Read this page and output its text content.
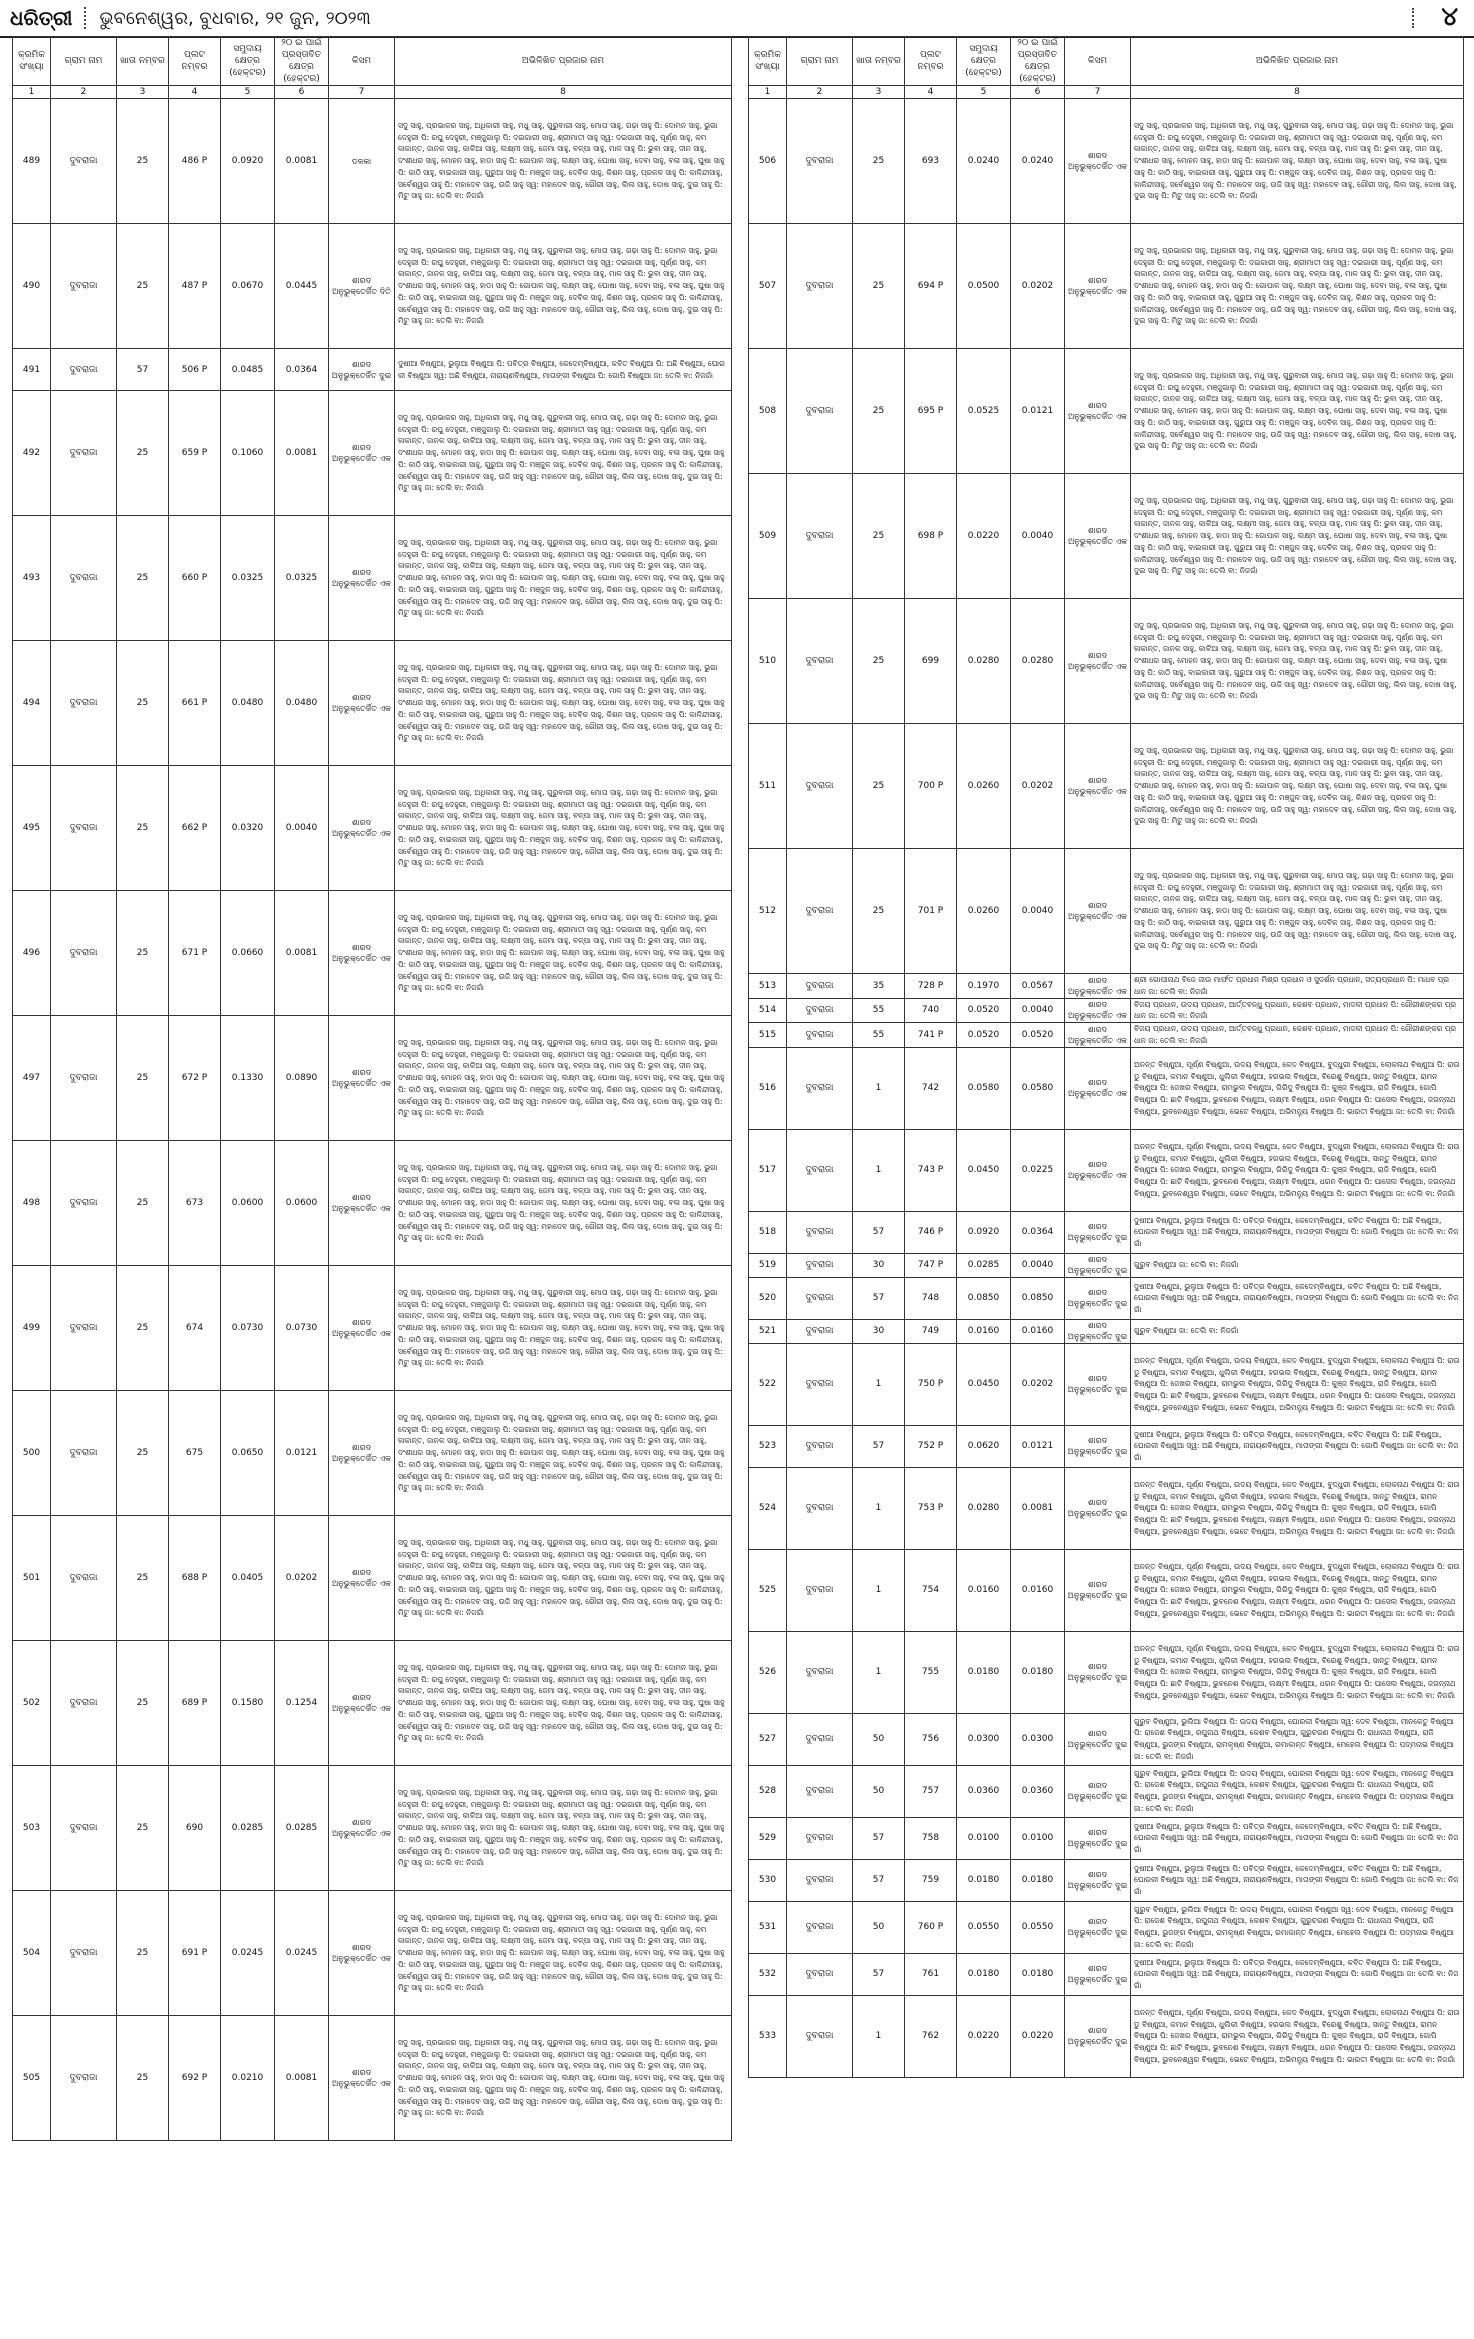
ଧରିତ୍ରୀ ଭୁବନେଶ୍ୱର, ବୁଧବାର, ୨୧ ଜୁନ, ୨୦୨୩	୪
କ୍ରମିକ ସଂଖ୍ୟା	ଗ୍ରାମ ନାମ	ଖାତା ନମ୍ବର	ପ୍ଲଟ ନମ୍ବର	ସମୁଦାୟ କ୍ଷେତ୍ର (ହେକ୍ଟର)	୨୦ ଇ ପାଇଁ ପ୍ରସ୍ତାବିତ କ୍ଷେତ୍ର (ହେକ୍ଟର)	କିସମ	ଅଭିଳିଖିତ ପ୍ରଜାର ନାମ
1	2	3	4	5	6	7	8
489	ଦୁବରାଜା	25	486 P	0.0920	0.0081	ଡଳକା	ସଦୁ ସାହୁ, ପ୍ରଭାକର ସାହୁ, ଅଧିକାରୀ ସାହୁ, ମଧୁ ସାହୁ, ଗୁରୁବାରୀ ସାହୁ, ମୋତା ସାହୁ, ଗଢ଼ା ସାହୁ ପି: ଦୋମନ ସାହୁ, ଭୁଗା ଦେହୁରୀ ପି: ରଘୁ ଦେହୁରୀ, ମଞ୍ଜୁଗାଲୁ ପି: ଦଇଗାରୀ ସାହୁ, ଶ୍ରୀମାତୀ ସାହୁ ସ୍ୱ: ଦଇଗାରୀ ସାହୁ, ପୂର୍ଣ୍ଣ ସାହୁ, କମଳାକାନ୍ତ, ଜାନକ ସାହୁ, କାଳିଆ ସାହୁ, ଲକ୍ଷ୍ମୀ ସାହୁ, ଜେମା ସାହୁ, ବଳ୍ପା ସାହୁ, ମାଳ ସାହୁ ପି: ଭୁବା ସାହୁ, ଦୀନ ସାହୁ, ଦଂଶୀଧର ସାହୁ, ମୋହନ ସାହୁ, ହାଡା ସାହୁ ପି: ଗୋପାଳ ସାହୁ, ଲକ୍ଷ୍ମ ସାହୁ, ଘୋଷା ସାହୁ, ଦେବା ସାହୁ, ବଳା ସାହୁ, ଘୁଷା ସାହୁ ପି: କାଠି ସାହୁ, ବାଇକାରୀ ସାହୁ, ଗୁରୁଆ ସାହୁ ପି: ମଞ୍ଜୁଳ ସାହୁ, ଦେବିକ ସାହୁ, କିଶନ ସାହୁ, ପ୍ରକଳ ସାହୁ ପି: କାଳିନ୍ଦୀସାହୁ, ସର୍ବେଶ୍ୱର ସାହୁ ପି: ମହାଦେବ ସାହୁ, ଉଜି ସାହୁ ସ୍ୱ: ମହାଦେବ ସାହୁ, ଗୌରୀ ସାହୁ, ଲିଲ ସାହୁ, ଦୋଷ ସାହୁ, ଦୁଇ ସାହୁ ପି: ମିଟୁ ସାହୁ ଜା: ତେଲି ବା: ନିଜଗାଁ
490	ଦୁବରାଜା	25	487 P	0.0670	0.0445	ଶାରଦ ଅନୁଭୁକ୍ତେର୍ଜିତ ଦିତି	ସଦୁ ସାହୁ, ପ୍ରଭାକର ସାହୁ, ଅଧିକାରୀ ସାହୁ, ମଧୁ ସାହୁ, ଗୁରୁବାରୀ ସାହୁ, ମୋତା ସାହୁ, ଗଢ଼ା ସାହୁ ପି: ଦୋମନ ସାହୁ, ଭୁଗା ଦେହୁରୀ ପି: ରଘୁ ଦେହୁରୀ, ମଞ୍ଜୁଗାଲୁ ପି: ଦଇଗାରୀ ସାହୁ, ଶ୍ରୀମାତୀ ସାହୁ ସ୍ୱ: ଦଇଗାରୀ ସାହୁ, ପୂର୍ଣ୍ଣ ସାହୁ, କମଳାକାନ୍ତ, ଜାନକ ସାହୁ, କାଳିଆ ସାହୁ, ଲକ୍ଷ୍ମୀ ସାହୁ, ଜେମା ସାହୁ, ବଳ୍ପା ସାହୁ, ମାଳ ସାହୁ ପି: ଭୁବା ସାହୁ, ଦୀନ ସାହୁ, ଦଂଶୀଧର ସାହୁ, ମୋହନ ସାହୁ, ହାଡା ସାହୁ ପି: ଗୋପାଳ ସାହୁ, ଲକ୍ଷ୍ମ ସାହୁ, ଘୋଷା ସାହୁ, ଦେବା ସାହୁ, ବଳା ସାହୁ, ଘୁଷା ସାହୁ ପି: କାଠି ସାହୁ, ବାଇକାରୀ ସାହୁ, ଗୁରୁଆ ସାହୁ ପି: ମଞ୍ଜୁଳ ସାହୁ, ଦେବିକ ସାହୁ, କିଶନ ସାହୁ, ପ୍ରକଳ ସାହୁ ପି: କାଳିନ୍ଦୀସାହୁ, ସର୍ବେଶ୍ୱର ସାହୁ ପି: ମହାଦେବ ସାହୁ, ଉଜି ସାହୁ ସ୍ୱ: ମହାଦେବ ସାହୁ, ଗୌରୀ ସାହୁ, ଲିଲ ସାହୁ, ଦୋଷ ସାହୁ, ଦୁଇ ସାହୁ ପି: ମିଟୁ ସାହୁ ଜା: ତେଲି ବା: ନିଜଗାଁ
491	ଦୁବରାଜା	57	506 P	0.0485	0.0364	ଶାରଦ ଅନୁଭୁକ୍ତେର୍ଜିତ ଦୁଇ	ଦୁଷୀଆ ବିଷ୍ଣୁଆ, ଭୁଲୁଆ ବିଷ୍ଣୁଆ ପି: ପବିତ୍ର ବିଷ୍ଣୁଆ, କେଦେମ୍ବିଷ୍ଣୁଆ, କବିତ ବିଷ୍ଣୁଆ ପି: ଅଛି ବିଷ୍ଣୁଆ, ଘୋରକୀ ବିଷ୍ଣୁଆ ସ୍ୱ: ଅଛି ବିଷ୍ଣୁଆ, ନାରାୟଣବିଷ୍ଣୁଆ, ମାତାଙ୍ଗୀ ବିଷ୍ଣୁଆ ପି: ଗୋପି ବିଷ୍ଣୁଆ ଜା: ତେଲି ବା: ନିଜଗାଁ
492	ଦୁବରାଜା	25	659 P	0.1060	0.0081	ଶାରଦ ଅନୁଭୁକ୍ତେର୍ଜିତ ଏକ	ସଦୁ ସାହୁ, ପ୍ରଭାକର ସାହୁ, ଅଧିକାରୀ ସାହୁ, ମଧୁ ସାହୁ, ଗୁରୁବାରୀ ସାହୁ, ମୋତା ସାହୁ, ଗଢ଼ା ସାହୁ ପି: ଦୋମନ ସାହୁ, ଭୁଗା ଦେହୁରୀ ପି: ରଘୁ ଦେହୁରୀ, ମଞ୍ଜୁଗାଲୁ ପି: ଦଇଗାରୀ ସାହୁ, ଶ୍ରୀମାତୀ ସାହୁ ସ୍ୱ: ଦଇଗାରୀ ସାହୁ, ପୂର୍ଣ୍ଣ ସାହୁ, କମଳାକାନ୍ତ, ଜାନକ ସାହୁ, କାଳିଆ ସାହୁ, ଲକ୍ଷ୍ମୀ ସାହୁ, ଜେମା ସାହୁ, ବଳ୍ପା ସାହୁ, ମାଳ ସାହୁ ପି: ଭୁବା ସାହୁ, ଦୀନ ସାହୁ, ଦଂଶୀଧର ସାହୁ, ମୋହନ ସାହୁ, ହାଡା ସାହୁ ପି: ଗୋପାଳ ସାହୁ, ଲକ୍ଷ୍ମ ସାହୁ, ଘୋଷା ସାହୁ, ଦେବା ସାହୁ, ବଳା ସାହୁ, ଘୁଷା ସାହୁ ପି: କାଠି ସାହୁ, ବାଇକାରୀ ସାହୁ, ଗୁରୁଆ ସାହୁ ପି: ମଞ୍ଜୁଳ ସାହୁ, ଦେବିକ ସାହୁ, କିଶନ ସାହୁ, ପ୍ରକଳ ସାହୁ ପି: କାଳିନ୍ଦୀସାହୁ, ସର୍ବେଶ୍ୱର ସାହୁ ପି: ମହାଦେବ ସାହୁ, ଉଜି ସାହୁ ସ୍ୱ: ମହାଦେବ ସାହୁ, ଗୌରୀ ସାହୁ, ଲିଲ ସାହୁ, ଦୋଷ ସାହୁ, ଦୁଇ ସାହୁ ପି: ମିଟୁ ସାହୁ ଜା: ତେଲି ବା: ନିଜଗାଁ
493	ଦୁବରାଜା	25	660 P	0.0325	0.0325	ଶାରଦ ଅନୁଭୁକ୍ତେର୍ଜିତ ଏକ	ସଦୁ ସାହୁ, ପ୍ରଭାକର ସାହୁ, ଅଧିକାରୀ ସାହୁ, ମଧୁ ସାହୁ, ଗୁରୁବାରୀ ସାହୁ, ମୋତା ସାହୁ, ଗଢ଼ା ସାହୁ ପି: ଦୋମନ ସାହୁ, ଭୁଗା ଦେହୁରୀ ପି: ରଘୁ ଦେହୁରୀ, ମଞ୍ଜୁଗାଲୁ ପି: ଦଇଗାରୀ ସାହୁ, ଶ୍ରୀମାତୀ ସାହୁ ସ୍ୱ: ଦଇଗାରୀ ସାହୁ, ପୂର୍ଣ୍ଣ ସାହୁ, କମଳାକାନ୍ତ, ଜାନକ ସାହୁ, କାଳିଆ ସାହୁ, ଲକ୍ଷ୍ମୀ ସାହୁ, ଜେମା ସାହୁ, ବଳ୍ପା ସାହୁ, ମାଳ ସାହୁ ପି: ଭୁବା ସାହୁ, ଦୀନ ସାହୁ, ଦଂଶୀଧର ସାହୁ, ମୋହନ ସାହୁ, ହାଡା ସାହୁ ପି: ଗୋପାଳ ସାହୁ, ଲକ୍ଷ୍ମ ସାହୁ, ଘୋଷା ସାହୁ, ଦେବା ସାହୁ, ବଳା ସାହୁ, ଘୁଷା ସାହୁ ପି: କାଠି ସାହୁ, ବାଇକାରୀ ସାହୁ, ଗୁରୁଆ ସାହୁ ପି: ମଞ୍ଜୁଳ ସାହୁ, ଦେବିକ ସାହୁ, କିଶନ ସାହୁ, ପ୍ରକଳ ସାହୁ ପି: କାଳିନ୍ଦୀସାହୁ, ସର୍ବେଶ୍ୱର ସାହୁ ପି: ମହାଦେବ ସାହୁ, ଉଜି ସାହୁ ସ୍ୱ: ମହାଦେବ ସାହୁ, ଗୌରୀ ସାହୁ, ଲିଲ ସାହୁ, ଦୋଷ ସାହୁ, ଦୁଇ ସାହୁ ପି: ମିଟୁ ସାହୁ ଜା: ତେଲି ବା: ନିଜଗାଁ
494	ଦୁବରାଜା	25	661 P	0.0480	0.0480	ଶାରଦ ଅନୁଭୁକ୍ତେର୍ଜିତ ଏକ	ସଦୁ ସାହୁ, ପ୍ରଭାକର ସାହୁ, ଅଧିକାରୀ ସାହୁ, ମଧୁ ସାହୁ, ଗୁରୁବାରୀ ସାହୁ, ମୋତା ସାହୁ, ଗଢ଼ା ସାହୁ ପି: ଦୋମନ ସାହୁ, ଭୁଗା ଦେହୁରୀ ପି: ରଘୁ ଦେହୁରୀ, ମଞ୍ଜୁଗାଲୁ ପି: ଦଇଗାରୀ ସାହୁ, ଶ୍ରୀମାତୀ ସାହୁ ସ୍ୱ: ଦଇଗାରୀ ସାହୁ, ପୂର୍ଣ୍ଣ ସାହୁ, କମଳାକାନ୍ତ, ଜାନକ ସାହୁ, କାଳିଆ ସାହୁ, ଲକ୍ଷ୍ମୀ ସାହୁ, ଜେମା ସାହୁ, ବଳ୍ପା ସାହୁ, ମାଳ ସାହୁ ପି: ଭୁବା ସାହୁ, ଦୀନ ସାହୁ, ଦଂଶୀଧର ସାହୁ, ମୋହନ ସାହୁ, ହାଡା ସାହୁ ପି: ଗୋପାଳ ସାହୁ, ଲକ୍ଷ୍ମ ସାହୁ, ଘୋଷା ସାହୁ, ଦେବା ସାହୁ, ବଳା ସାହୁ, ଘୁଷା ସାହୁ ପି: କାଠି ସାହୁ, ବାଇକାରୀ ସାହୁ, ଗୁରୁଆ ସାହୁ ପି: ମଞ୍ଜୁଳ ସାହୁ, ଦେବିକ ସାହୁ, କିଶନ ସାହୁ, ପ୍ରକଳ ସାହୁ ପି: କାଳିନ୍ଦୀସାହୁ, ସର୍ବେଶ୍ୱର ସାହୁ ପି: ମହାଦେବ ସାହୁ, ଉଜି ସାହୁ ସ୍ୱ: ମହାଦେବ ସାହୁ, ଗୌରୀ ସାହୁ, ଲିଲ ସାହୁ, ଦୋଷ ସାହୁ, ଦୁଇ ସାହୁ ପି: ମିଟୁ ସାହୁ ଜା: ତେଲି ବା: ନିଜଗାଁ
495	ଦୁବରାଜା	25	662 P	0.0320	0.0040	ଶାରଦ ଅନୁଭୁକ୍ତେର୍ଜିତ ଏକ	ସଦୁ ସାହୁ, ପ୍ରଭାକର ସାହୁ, ଅଧିକାରୀ ସାହୁ, ମଧୁ ସାହୁ, ଗୁରୁବାରୀ ସାହୁ, ମୋତା ସାହୁ, ଗଢ଼ା ସାହୁ ପି: ଦୋମନ ସାହୁ, ଭୁଗା ଦେହୁରୀ ପି: ରଘୁ ଦେହୁରୀ, ମଞ୍ଜୁଗାଲୁ ପି: ଦଇଗାରୀ ସାହୁ, ଶ୍ରୀମାତୀ ସାହୁ ସ୍ୱ: ଦଇଗାରୀ ସାହୁ, ପୂର୍ଣ୍ଣ ସାହୁ, କମଳାକାନ୍ତ, ଜାନକ ସାହୁ, କାଳିଆ ସାହୁ, ଲକ୍ଷ୍ମୀ ସାହୁ, ଜେମା ସାହୁ, ବଳ୍ପା ସାହୁ, ମାଳ ସାହୁ ପି: ଭୁବା ସାହୁ, ଦୀନ ସାହୁ, ଦଂଶୀଧର ସାହୁ, ମୋହନ ସାହୁ, ହାଡା ସାହୁ ପି: ଗୋପାଳ ସାହୁ, ଲକ୍ଷ୍ମ ସାହୁ, ଘୋଷା ସାହୁ, ଦେବା ସାହୁ, ବଳା ସାହୁ, ଘୁଷା ସାହୁ ପି: କାଠି ସାହୁ, ବାଇକାରୀ ସାହୁ, ଗୁରୁଆ ସାହୁ ପି: ମଞ୍ଜୁଳ ସାହୁ, ଦେବିକ ସାହୁ, କିଶନ ସାହୁ, ପ୍ରକଳ ସାହୁ ପି: କାଳିନ୍ଦୀସାହୁ, ସର୍ବେଶ୍ୱର ସାହୁ ପି: ମହାଦେବ ସାହୁ, ଉଜି ସାହୁ ସ୍ୱ: ମହାଦେବ ସାହୁ, ଗୌରୀ ସାହୁ, ଲିଲ ସାହୁ, ଦୋଷ ସାହୁ, ଦୁଇ ସାହୁ ପି: ମିଟୁ ସାହୁ ଜା: ତେଲି ବା: ନିଜଗାଁ
496	ଦୁବରାଜା	25	671 P	0.0660	0.0081	ଶାରଦ ଅନୁଭୁକ୍ତେର୍ଜିତ ଏକ	ସଦୁ ସାହୁ, ପ୍ରଭାକର ସାହୁ, ଅଧିକାରୀ ସାହୁ, ମଧୁ ସାହୁ, ଗୁରୁବାରୀ ସାହୁ, ମୋତା ସାହୁ, ଗଢ଼ା ସାହୁ ପି: ଦୋମନ ସାହୁ, ଭୁଗା ଦେହୁରୀ ପି: ରଘୁ ଦେହୁରୀ, ମଞ୍ଜୁଗାଲୁ ପି: ଦଇଗାରୀ ସାହୁ, ଶ୍ରୀମାତୀ ସାହୁ ସ୍ୱ: ଦଇଗାରୀ ସାହୁ, ପୂର୍ଣ୍ଣ ସାହୁ, କମଳାକାନ୍ତ, ଜାନକ ସାହୁ, କାଳିଆ ସାହୁ, ଲକ୍ଷ୍ମୀ ସାହୁ, ଜେମା ସାହୁ, ବଳ୍ପା ସାହୁ, ମାଳ ସାହୁ ପି: ଭୁବା ସାହୁ, ଦୀନ ସାହୁ, ଦଂଶୀଧର ସାହୁ, ମୋହନ ସାହୁ, ହାଡା ସାହୁ ପି: ଗୋପାଳ ସାହୁ, ଲକ୍ଷ୍ମ ସାହୁ, ଘୋଷା ସାହୁ, ଦେବା ସାହୁ, ବଳା ସାହୁ, ଘୁଷା ସାହୁ ପି: କାଠି ସାହୁ, ବାଇକାରୀ ସାହୁ, ଗୁରୁଆ ସାହୁ ପି: ମଞ୍ଜୁଳ ସାହୁ, ଦେବିକ ସାହୁ, କିଶନ ସାହୁ, ପ୍ରକଳ ସାହୁ ପି: କାଳିନ୍ଦୀସାହୁ, ସର୍ବେଶ୍ୱର ସାହୁ ପି: ମହାଦେବ ସାହୁ, ଉଜି ସାହୁ ସ୍ୱ: ମହାଦେବ ସାହୁ, ଗୌରୀ ସାହୁ, ଲିଲ ସାହୁ, ଦୋଷ ସାହୁ, ଦୁଇ ସାହୁ ପି: ମିଟୁ ସାହୁ ଜା: ତେଲି ବା: ନିଜଗାଁ
497	ଦୁବରାଜା	25	672 P	0.1330	0.0890	ଶାରଦ ଅନୁଭୁକ୍ତେର୍ଜିତ ଏକ	ସଦୁ ସାହୁ, ପ୍ରଭାକର ସାହୁ, ଅଧିକାରୀ ସାହୁ, ମଧୁ ସାହୁ, ଗୁରୁବାରୀ ସାହୁ, ମୋତା ସାହୁ, ଗଢ଼ା ସାହୁ ପି: ଦୋମନ ସାହୁ, ଭୁଗା ଦେହୁରୀ ପି: ରଘୁ ଦେହୁରୀ, ମଞ୍ଜୁଗାଲୁ ପି: ଦଇଗାରୀ ସାହୁ, ଶ୍ରୀମାତୀ ସାହୁ ସ୍ୱ: ଦଇଗାରୀ ସାହୁ, ପୂର୍ଣ୍ଣ ସାହୁ, କମଳାକାନ୍ତ, ଜାନକ ସାହୁ, କାଳିଆ ସାହୁ, ଲକ୍ଷ୍ମୀ ସାହୁ, ଜେମା ସାହୁ, ବଳ୍ପା ସାହୁ, ମାଳ ସାହୁ ପି: ଭୁବା ସାହୁ, ଦୀନ ସାହୁ, ଦଂଶୀଧର ସାହୁ, ମୋହନ ସାହୁ, ହାଡା ସାହୁ ପି: ଗୋପାଳ ସାହୁ, ଲକ୍ଷ୍ମ ସାହୁ, ଘୋଷା ସାହୁ, ଦେବା ସାହୁ, ବଳା ସାହୁ, ଘୁଷା ସାହୁ ପି: କାଠି ସାହୁ, ବାଇକାରୀ ସାହୁ, ଗୁରୁଆ ସାହୁ ପି: ମଞ୍ଜୁଳ ସାହୁ, ଦେବିକ ସାହୁ, କିଶନ ସାହୁ, ପ୍ରକଳ ସାହୁ ପି: କାଳିନ୍ଦୀସାହୁ, ସର୍ବେଶ୍ୱର ସାହୁ ପି: ମହାଦେବ ସାହୁ, ଉଜି ସାହୁ ସ୍ୱ: ମହାଦେବ ସାହୁ, ଗୌରୀ ସାହୁ, ଲିଲ ସାହୁ, ଦୋଷ ସାହୁ, ଦୁଇ ସାହୁ ପି: ମିଟୁ ସାହୁ ଜା: ତେଲି ବା: ନିଜଗାଁ
498	ଦୁବରାଜା	25	673	0.0600	0.0600	ଶାରଦ ଅନୁଭୁକ୍ତେର୍ଜିତ ଏକ	ସଦୁ ସାହୁ, ପ୍ରଭାକର ସାହୁ, ଅଧିକାରୀ ସାହୁ, ମଧୁ ସାହୁ, ଗୁରୁବାରୀ ସାହୁ, ମୋତା ସାହୁ, ଗଢ଼ା ସାହୁ ପି: ଦୋମନ ସାହୁ, ଭୁଗା ଦେହୁରୀ ପି: ରଘୁ ଦେହୁରୀ, ମଞ୍ଜୁଗାଲୁ ପି: ଦଇଗାରୀ ସାହୁ, ଶ୍ରୀମାତୀ ସାହୁ ସ୍ୱ: ଦଇଗାରୀ ସାହୁ, ପୂର୍ଣ୍ଣ ସାହୁ, କମଳାକାନ୍ତ, ଜାନକ ସାହୁ, କାଳିଆ ସାହୁ, ଲକ୍ଷ୍ମୀ ସାହୁ, ଜେମା ସାହୁ, ବଳ୍ପା ସାହୁ, ମାଳ ସାହୁ ପି: ଭୁବା ସାହୁ, ଦୀନ ସାହୁ, ଦଂଶୀଧର ସାହୁ, ମୋହନ ସାହୁ, ହାଡା ସାହୁ ପି: ଗୋପାଳ ସାହୁ, ଲକ୍ଷ୍ମ ସାହୁ, ଘୋଷା ସାହୁ, ଦେବା ସାହୁ, ବଳା ସାହୁ, ଘୁଷା ସାହୁ ପି: କାଠି ସାହୁ, ବାଇକାରୀ ସାହୁ, ଗୁରୁଆ ସାହୁ ପି: ମଞ୍ଜୁଳ ସାହୁ, ଦେବିକ ସାହୁ, କିଶନ ସାହୁ, ପ୍ରକଳ ସାହୁ ପି: କାଳିନ୍ଦୀସାହୁ, ସର୍ବେଶ୍ୱର ସାହୁ ପି: ମହାଦେବ ସାହୁ, ଉଜି ସାହୁ ସ୍ୱ: ମହାଦେବ ସାହୁ, ଗୌରୀ ସାହୁ, ଲିଲ ସାହୁ, ଦୋଷ ସାହୁ, ଦୁଇ ସାହୁ ପି: ମିଟୁ ସାହୁ ଜା: ତେଲି ବା: ନିଜଗାଁ
499	ଦୁବରାଜା	25	674	0.0730	0.0730	ଶାରଦ ଅନୁଭୁକ୍ତେର୍ଜିତ ଏକ	ସଦୁ ସାହୁ, ପ୍ରଭାକର ସାହୁ, ଅଧିକାରୀ ସାହୁ, ମଧୁ ସାହୁ, ଗୁରୁବାରୀ ସାହୁ, ମୋତା ସାହୁ, ଗଢ଼ା ସାହୁ ପି: ଦୋମନ ସାହୁ, ଭୁଗା ଦେହୁରୀ ପି: ରଘୁ ଦେହୁରୀ, ମଞ୍ଜୁଗାଲୁ ପି: ଦଇଗାରୀ ସାହୁ, ଶ୍ରୀମାତୀ ସାହୁ ସ୍ୱ: ଦଇଗାରୀ ସାହୁ, ପୂର୍ଣ୍ଣ ସାହୁ, କମଳାକାନ୍ତ, ଜାନକ ସାହୁ, କାଳିଆ ସାହୁ, ଲକ୍ଷ୍ମୀ ସାହୁ, ଜେମା ସାହୁ, ବଳ୍ପା ସାହୁ, ମାଳ ସାହୁ ପି: ଭୁବା ସାହୁ, ଦୀନ ସାହୁ, ଦଂଶୀଧର ସାହୁ, ମୋହନ ସାହୁ, ହାଡା ସାହୁ ପି: ଗୋପାଳ ସାହୁ, ଲକ୍ଷ୍ମ ସାହୁ, ଘୋଷା ସାହୁ, ଦେବା ସାହୁ, ବଳା ସାହୁ, ଘୁଷା ସାହୁ ପି: କାଠି ସାହୁ, ବାଇକାରୀ ସାହୁ, ଗୁରୁଆ ସାହୁ ପି: ମଞ୍ଜୁଳ ସାହୁ, ଦେବିକ ସାହୁ, କିଶନ ସାହୁ, ପ୍ରକଳ ସାହୁ ପି: କାଳିନ୍ଦୀସାହୁ, ସର୍ବେଶ୍ୱର ସାହୁ ପି: ମହାଦେବ ସାହୁ, ଉଜି ସାହୁ ସ୍ୱ: ମହାଦେବ ସାହୁ, ଗୌରୀ ସାହୁ, ଲିଲ ସାହୁ, ଦୋଷ ସାହୁ, ଦୁଇ ସାହୁ ପି: ମିଟୁ ସାହୁ ଜା: ତେଲି ବା: ନିଜଗାଁ
500	ଦୁବରାଜା	25	675	0.0650	0.0121	ଶାରଦ ଅନୁଭୁକ୍ତେର୍ଜିତ ଏକ	ସଦୁ ସାହୁ, ପ୍ରଭାକର ସାହୁ, ଅଧିକାରୀ ସାହୁ, ମଧୁ ସାହୁ, ଗୁରୁବାରୀ ସାହୁ, ମୋତା ସାହୁ, ଗଢ଼ା ସାହୁ ପି: ଦୋମନ ସାହୁ, ଭୁଗା ଦେହୁରୀ ପି: ରଘୁ ଦେହୁରୀ, ମଞ୍ଜୁଗାଲୁ ପି: ଦଇଗାରୀ ସାହୁ, ଶ୍ରୀମାତୀ ସାହୁ ସ୍ୱ: ଦଇଗାରୀ ସାହୁ, ପୂର୍ଣ୍ଣ ସାହୁ, କମଳାକାନ୍ତ, ଜାନକ ସାହୁ, କାଳିଆ ସାହୁ, ଲକ୍ଷ୍ମୀ ସାହୁ, ଜେମା ସାହୁ, ବଳ୍ପା ସାହୁ, ମାଳ ସାହୁ ପି: ଭୁବା ସାହୁ, ଦୀନ ସାହୁ, ଦଂଶୀଧର ସାହୁ, ମୋହନ ସାହୁ, ହାଡା ସାହୁ ପି: ଗୋପାଳ ସାହୁ, ଲକ୍ଷ୍ମ ସାହୁ, ଘୋଷା ସାହୁ, ଦେବା ସାହୁ, ବଳା ସାହୁ, ଘୁଷା ସାହୁ ପି: କାଠି ସାହୁ, ବାଇକାରୀ ସାହୁ, ଗୁରୁଆ ସାହୁ ପି: ମଞ୍ଜୁଳ ସାହୁ, ଦେବିକ ସାହୁ, କିଶନ ସାହୁ, ପ୍ରକଳ ସାହୁ ପି: କାଳିନ୍ଦୀସାହୁ, ସର୍ବେଶ୍ୱର ସାହୁ ପି: ମହାଦେବ ସାହୁ, ଉଜି ସାହୁ ସ୍ୱ: ମହାଦେବ ସାହୁ, ଗୌରୀ ସାହୁ, ଲିଲ ସାହୁ, ଦୋଷ ସାହୁ, ଦୁଇ ସାହୁ ପି: ମିଟୁ ସାହୁ ଜା: ତେଲି ବା: ନିଜଗାଁ
501	ଦୁବରାଜା	25	688 P	0.0405	0.0202	ଶାରଦ ଅନୁଭୁକ୍ତେର୍ଜିତ ଏକ	ସଦୁ ସାହୁ, ପ୍ରଭାକର ସାହୁ, ଅଧିକାରୀ ସାହୁ, ମଧୁ ସାହୁ, ଗୁରୁବାରୀ ସାହୁ, ମୋତା ସାହୁ, ଗଢ଼ା ସାହୁ ପି: ଦୋମନ ସାହୁ, ଭୁଗା ଦେହୁରୀ ପି: ରଘୁ ଦେହୁରୀ, ମଞ୍ଜୁଗାଲୁ ପି: ଦଇଗାରୀ ସାହୁ, ଶ୍ରୀମାତୀ ସାହୁ ସ୍ୱ: ଦଇଗାରୀ ସାହୁ, ପୂର୍ଣ୍ଣ ସାହୁ, କମଳାକାନ୍ତ, ଜାନକ ସାହୁ, କାଳିଆ ସାହୁ, ଲକ୍ଷ୍ମୀ ସାହୁ, ଜେମା ସାହୁ, ବଳ୍ପା ସାହୁ, ମାଳ ସାହୁ ପି: ଭୁବା ସାହୁ, ଦୀନ ସାହୁ, ଦଂଶୀଧର ସାହୁ, ମୋହନ ସାହୁ, ହାଡା ସାହୁ ପି: ଗୋପାଳ ସାହୁ, ଲକ୍ଷ୍ମ ସାହୁ, ଘୋଷା ସାହୁ, ଦେବା ସାହୁ, ବଳା ସାହୁ, ଘୁଷା ସାହୁ ପି: କାଠି ସାହୁ, ବାଇକାରୀ ସାହୁ, ଗୁରୁଆ ସାହୁ ପି: ମଞ୍ଜୁଳ ସାହୁ, ଦେବିକ ସାହୁ, କିଶନ ସାହୁ, ପ୍ରକଳ ସାହୁ ପି: କାଳିନ୍ଦୀସାହୁ, ସର୍ବେଶ୍ୱର ସାହୁ ପି: ମହାଦେବ ସାହୁ, ଉଜି ସାହୁ ସ୍ୱ: ମହାଦେବ ସାହୁ, ଗୌରୀ ସାହୁ, ଲିଲ ସାହୁ, ଦୋଷ ସାହୁ, ଦୁଇ ସାହୁ ପି: ମିଟୁ ସାହୁ ଜା: ତେଲି ବା: ନିଜଗାଁ
502	ଦୁବରାଜା	25	689 P	0.1580	0.1254	ଶାରଦ ଅନୁଭୁକ୍ତେର୍ଜିତ ଏକ	ସଦୁ ସାହୁ, ପ୍ରଭାକର ସାହୁ, ଅଧିକାରୀ ସାହୁ, ମଧୁ ସାହୁ, ଗୁରୁବାରୀ ସାହୁ, ମୋତା ସାହୁ, ଗଢ଼ା ସାହୁ ପି: ଦୋମନ ସାହୁ, ଭୁଗା ଦେହୁରୀ ପି: ରଘୁ ଦେହୁରୀ, ମଞ୍ଜୁଗାଲୁ ପି: ଦଇଗାରୀ ସାହୁ, ଶ୍ରୀମାତୀ ସାହୁ ସ୍ୱ: ଦଇଗାରୀ ସାହୁ, ପୂର୍ଣ୍ଣ ସାହୁ, କମଳାକାନ୍ତ, ଜାନକ ସାହୁ, କାଳିଆ ସାହୁ, ଲକ୍ଷ୍ମୀ ସାହୁ, ଜେମା ସାହୁ, ବଳ୍ପା ସାହୁ, ମାଳ ସାହୁ ପି: ଭୁବା ସାହୁ, ଦୀନ ସାହୁ, ଦଂଶୀଧର ସାହୁ, ମୋହନ ସାହୁ, ହାଡା ସାହୁ ପି: ଗୋପାଳ ସାହୁ, ଲକ୍ଷ୍ମ ସାହୁ, ଘୋଷା ସାହୁ, ଦେବା ସାହୁ, ବଳା ସାହୁ, ଘୁଷା ସାହୁ ପି: କାଠି ସାହୁ, ବାଇକାରୀ ସାହୁ, ଗୁରୁଆ ସାହୁ ପି: ମଞ୍ଜୁଳ ସାହୁ, ଦେବିକ ସାହୁ, କିଶନ ସାହୁ, ପ୍ରକଳ ସାହୁ ପି: କାଳିନ୍ଦୀସାହୁ, ସର୍ବେଶ୍ୱର ସାହୁ ପି: ମହାଦେବ ସାହୁ, ଉଜି ସାହୁ ସ୍ୱ: ମହାଦେବ ସାହୁ, ଗୌରୀ ସାହୁ, ଲିଲ ସାହୁ, ଦୋଷ ସାହୁ, ଦୁଇ ସାହୁ ପି: ମିଟୁ ସାହୁ ଜା: ତେଲି ବା: ନିଜଗାଁ
503	ଦୁବରାଜା	25	690	0.0285	0.0285	ଶାରଦ ଅନୁଭୁକ୍ତେର୍ଜିତ ଏକ	ସଦୁ ସାହୁ, ପ୍ରଭାକର ସାହୁ, ଅଧିକାରୀ ସାହୁ, ମଧୁ ସାହୁ, ଗୁରୁବାରୀ ସାହୁ, ମୋତା ସାହୁ, ଗଢ଼ା ସାହୁ ପି: ଦୋମନ ସାହୁ, ଭୁଗା ଦେହୁରୀ ପି: ରଘୁ ଦେହୁରୀ, ମଞ୍ଜୁଗାଲୁ ପି: ଦଇଗାରୀ ସାହୁ, ଶ୍ରୀମାତୀ ସାହୁ ସ୍ୱ: ଦଇଗାରୀ ସାହୁ, ପୂର୍ଣ୍ଣ ସାହୁ, କମଳାକାନ୍ତ, ଜାନକ ସାହୁ, କାଳିଆ ସାହୁ, ଲକ୍ଷ୍ମୀ ସାହୁ, ଜେମା ସାହୁ, ବଳ୍ପା ସାହୁ, ମାଳ ସାହୁ ପି: ଭୁବା ସାହୁ, ଦୀନ ସାହୁ, ଦଂଶୀଧର ସାହୁ, ମୋହନ ସାହୁ, ହାଡା ସାହୁ ପି: ଗୋପାଳ ସାହୁ, ଲକ୍ଷ୍ମ ସାହୁ, ଘୋଷା ସାହୁ, ଦେବା ସାହୁ, ବଳା ସାହୁ, ଘୁଷା ସାହୁ ପି: କାଠି ସାହୁ, ବାଇକାରୀ ସାହୁ, ଗୁରୁଆ ସାହୁ ପି: ମଞ୍ଜୁଳ ସାହୁ, ଦେବିକ ସାହୁ, କିଶନ ସାହୁ, ପ୍ରକଳ ସାହୁ ପି: କାଳିନ୍ଦୀସାହୁ, ସର୍ବେଶ୍ୱର ସାହୁ ପି: ମହାଦେବ ସାହୁ, ଉଜି ସାହୁ ସ୍ୱ: ମହାଦେବ ସାହୁ, ଗୌରୀ ସାହୁ, ଲିଲ ସାହୁ, ଦୋଷ ସାହୁ, ଦୁଇ ସାହୁ ପି: ମିଟୁ ସାହୁ ଜା: ତେଲି ବା: ନିଜଗାଁ
504	ଦୁବରାଜା	25	691 P	0.0245	0.0245	ଶାରଦ ଅନୁଭୁକ୍ତେର୍ଜିତ ଏକ	ସଦୁ ସାହୁ, ପ୍ରଭାକର ସାହୁ, ଅଧିକାରୀ ସାହୁ, ମଧୁ ସାହୁ, ଗୁରୁବାରୀ ସାହୁ, ମୋତା ସାହୁ, ଗଢ଼ା ସାହୁ ପି: ଦୋମନ ସାହୁ, ଭୁଗା ଦେହୁରୀ ପି: ରଘୁ ଦେହୁରୀ, ମଞ୍ଜୁଗାଲୁ ପି: ଦଇଗାରୀ ସାହୁ, ଶ୍ରୀମାତୀ ସାହୁ ସ୍ୱ: ଦଇଗାରୀ ସାହୁ, ପୂର୍ଣ୍ଣ ସାହୁ, କମଳାକାନ୍ତ, ଜାନକ ସାହୁ, କାଳିଆ ସାହୁ, ଲକ୍ଷ୍ମୀ ସାହୁ, ଜେମା ସାହୁ, ବଳ୍ପା ସାହୁ, ମାଳ ସାହୁ ପି: ଭୁବା ସାହୁ, ଦୀନ ସାହୁ, ଦଂଶୀଧର ସାହୁ, ମୋହନ ସାହୁ, ହାଡା ସାହୁ ପି: ଗୋପାଳ ସାହୁ, ଲକ୍ଷ୍ମ ସାହୁ, ଘୋଷା ସାହୁ, ଦେବା ସାହୁ, ବଳା ସାହୁ, ଘୁଷା ସାହୁ ପି: କାଠି ସାହୁ, ବାଇକାରୀ ସାହୁ, ଗୁରୁଆ ସାହୁ ପି: ମଞ୍ଜୁଳ ସାହୁ, ଦେବିକ ସାହୁ, କିଶନ ସାହୁ, ପ୍ରକଳ ସାହୁ ପି: କାଳିନ୍ଦୀସାହୁ, ସର୍ବେଶ୍ୱର ସାହୁ ପି: ମହାଦେବ ସାହୁ, ଉଜି ସାହୁ ସ୍ୱ: ମହାଦେବ ସାହୁ, ଗୌରୀ ସାହୁ, ଲିଲ ସାହୁ, ଦୋଷ ସାହୁ, ଦୁଇ ସାହୁ ପି: ମିଟୁ ସାହୁ ଜା: ତେଲି ବା: ନିଜଗାଁ
505	ଦୁବରାଜା	25	692 P	0.0210	0.0081	ଶାରଦ ଅନୁଭୁକ୍ତେର୍ଜିତ ଏକ	ସଦୁ ସାହୁ, ପ୍ରଭାକର ସାହୁ, ଅଧିକାରୀ ସାହୁ, ମଧୁ ସାହୁ, ଗୁରୁବାରୀ ସାହୁ, ମୋତା ସାହୁ, ଗଢ଼ା ସାହୁ ପି: ଦୋମନ ସାହୁ, ଭୁଗା ଦେହୁରୀ ପି: ରଘୁ ଦେହୁରୀ, ମଞ୍ଜୁଗାଲୁ ପି: ଦଇଗାରୀ ସାହୁ, ଶ୍ରୀମାତୀ ସାହୁ ସ୍ୱ: ଦଇଗାରୀ ସାହୁ, ପୂର୍ଣ୍ଣ ସାହୁ, କମଳାକାନ୍ତ, ଜାନକ ସାହୁ, କାଳିଆ ସାହୁ, ଲକ୍ଷ୍ମୀ ସାହୁ, ଜେମା ସାହୁ, ବଳ୍ପା ସାହୁ, ମାଳ ସାହୁ ପି: ଭୁବା ସାହୁ, ଦୀନ ସାହୁ, ଦଂଶୀଧର ସାହୁ, ମୋହନ ସାହୁ, ହାଡା ସାହୁ ପି: ଗୋପାଳ ସାହୁ, ଲକ୍ଷ୍ମ ସାହୁ, ଘୋଷା ସାହୁ, ଦେବା ସାହୁ, ବଳା ସାହୁ, ଘୁଷା ସାହୁ ପି: କାଠି ସାହୁ, ବାଇକାରୀ ସାହୁ, ଗୁରୁଆ ସାହୁ ପି: ମଞ୍ଜୁଳ ସାହୁ, ଦେବିକ ସାହୁ, କିଶନ ସାହୁ, ପ୍ରକଳ ସାହୁ ପି: କାଳିନ୍ଦୀସାହୁ, ସର୍ବେଶ୍ୱର ସାହୁ ପି: ମହାଦେବ ସାହୁ, ଉଜି ସାହୁ ସ୍ୱ: ମହାଦେବ ସାହୁ, ଗୌରୀ ସାହୁ, ଲିଲ ସାହୁ, ଦୋଷ ସାହୁ, ଦୁଇ ସାହୁ ପି: ମିଟୁ ସାହୁ ଜା: ତେଲି ବା: ନିଜଗାଁ
କ୍ରମିକ ସଂଖ୍ୟା	ଗ୍ରାମ ନାମ	ଖାତା ନମ୍ବର	ପ୍ଲଟ ନମ୍ବର	ସମୁଦାୟ କ୍ଷେତ୍ର (ହେକ୍ଟର)	୨୦ ଇ ପାଇଁ ପ୍ରସ୍ତାବିତ କ୍ଷେତ୍ର (ହେକ୍ଟର)	କିସମ	ଅଭିଳିଖିତ ପ୍ରଜାର ନାମ
1	2	3	4	5	6	7	8
506	ଦୁବରାଜା	25	693	0.0240	0.0240	ଶାରଦ ଅନୁଭୁକ୍ତେର୍ଜିତ ଏକ	ସଦୁ ସାହୁ, ପ୍ରଭାକର ସାହୁ, ଅଧିକାରୀ ସାହୁ, ମଧୁ ସାହୁ, ଗୁରୁବାରୀ ସାହୁ, ମୋତା ସାହୁ, ଗଢ଼ା ସାହୁ ପି: ଦୋମନ ସାହୁ, ଭୁଗା ଦେହୁରୀ ପି: ରଘୁ ଦେହୁରୀ, ମଞ୍ଜୁଗାଲୁ ପି: ଦଇଗାରୀ ସାହୁ, ଶ୍ରୀମାତୀ ସାହୁ ସ୍ୱ: ଦଇଗାରୀ ସାହୁ, ପୂର୍ଣ୍ଣ ସାହୁ, କମଳାକାନ୍ତ, ଜାନକ ସାହୁ, କାଳିଆ ସାହୁ, ଲକ୍ଷ୍ମୀ ସାହୁ, ଜେମା ସାହୁ, ବଳ୍ପା ସାହୁ, ମାଳ ସାହୁ ପି: ଭୁବା ସାହୁ, ଦୀନ ସାହୁ, ଦଂଶୀଧର ସାହୁ, ମୋହନ ସାହୁ, ହାଡା ସାହୁ ପି: ଗୋପାଳ ସାହୁ, ଲକ୍ଷ୍ମ ସାହୁ, ଘୋଷା ସାହୁ, ଦେବା ସାହୁ, ବଳା ସାହୁ, ଘୁଷା ସାହୁ ପି: କାଠି ସାହୁ, ବାଇକାରୀ ସାହୁ, ଗୁରୁଆ ସାହୁ ପି: ମଞ୍ଜୁଳ ସାହୁ, ଦେବିକ ସାହୁ, କିଶନ ସାହୁ, ପ୍ରକଳ ସାହୁ ପି: କାଳିନ୍ଦୀସାହୁ, ସର୍ବେଶ୍ୱର ସାହୁ ପି: ମହାଦେବ ସାହୁ, ଉଜି ସାହୁ ସ୍ୱ: ମହାଦେବ ସାହୁ, ଗୌରୀ ସାହୁ, ଲିଲ ସାହୁ, ଦୋଷ ସାହୁ, ଦୁଇ ସାହୁ ପି: ମିଟୁ ସାହୁ ଜା: ତେଲି ବା: ନିଜଗାଁ
507	ଦୁବରାଜା	25	694 P	0.0500	0.0202	ଶାରଦ ଅନୁଭୁକ୍ତେର୍ଜିତ ଏକ	ସଦୁ ସାହୁ, ପ୍ରଭାକର ସାହୁ, ଅଧିକାରୀ ସାହୁ, ମଧୁ ସାହୁ, ଗୁରୁବାରୀ ସାହୁ, ମୋତା ସାହୁ, ଗଢ଼ା ସାହୁ ପି: ଦୋମନ ସାହୁ, ଭୁଗା ଦେହୁରୀ ପି: ରଘୁ ଦେହୁରୀ, ମଞ୍ଜୁଗାଲୁ ପି: ଦଇଗାରୀ ସାହୁ, ଶ୍ରୀମାତୀ ସାହୁ ସ୍ୱ: ଦଇଗାରୀ ସାହୁ, ପୂର୍ଣ୍ଣ ସାହୁ, କମଳାକାନ୍ତ, ଜାନକ ସାହୁ, କାଳିଆ ସାହୁ, ଲକ୍ଷ୍ମୀ ସାହୁ, ଜେମା ସାହୁ, ବଳ୍ପା ସାହୁ, ମାଳ ସାହୁ ପି: ଭୁବା ସାହୁ, ଦୀନ ସାହୁ, ଦଂଶୀଧର ସାହୁ, ମୋହନ ସାହୁ, ହାଡା ସାହୁ ପି: ଗୋପାଳ ସାହୁ, ଲକ୍ଷ୍ମ ସାହୁ, ଘୋଷା ସାହୁ, ଦେବା ସାହୁ, ବଳା ସାହୁ, ଘୁଷା ସାହୁ ପି: କାଠି ସାହୁ, ବାଇକାରୀ ସାହୁ, ଗୁରୁଆ ସାହୁ ପି: ମଞ୍ଜୁଳ ସାହୁ, ଦେବିକ ସାହୁ, କିଶନ ସାହୁ, ପ୍ରକଳ ସାହୁ ପି: କାଳିନ୍ଦୀସାହୁ, ସର୍ବେଶ୍ୱର ସାହୁ ପି: ମହାଦେବ ସାହୁ, ଉଜି ସାହୁ ସ୍ୱ: ମହାଦେବ ସାହୁ, ଗୌରୀ ସାହୁ, ଲିଲ ସାହୁ, ଦୋଷ ସାହୁ, ଦୁଇ ସାହୁ ପି: ମିଟୁ ସାହୁ ଜା: ତେଲି ବା: ନିଜଗାଁ
508	ଦୁବରାଜା	25	695 P	0.0525	0.0121	ଶାରଦ ଅନୁଭୁକ୍ତେର୍ଜିତ ଏକ	ସଦୁ ସାହୁ, ପ୍ରଭାକର ସାହୁ, ଅଧିକାରୀ ସାହୁ, ମଧୁ ସାହୁ, ଗୁରୁବାରୀ ସାହୁ, ମୋତା ସାହୁ, ଗଢ଼ା ସାହୁ ପି: ଦୋମନ ସାହୁ, ଭୁଗା ଦେହୁରୀ ପି: ରଘୁ ଦେହୁରୀ, ମଞ୍ଜୁଗାଲୁ ପି: ଦଇଗାରୀ ସାହୁ, ଶ୍ରୀମାତୀ ସାହୁ ସ୍ୱ: ଦଇଗାରୀ ସାହୁ, ପୂର୍ଣ୍ଣ ସାହୁ, କମଳାକାନ୍ତ, ଜାନକ ସାହୁ, କାଳିଆ ସାହୁ, ଲକ୍ଷ୍ମୀ ସାହୁ, ଜେମା ସାହୁ, ବଳ୍ପା ସାହୁ, ମାଳ ସାହୁ ପି: ଭୁବା ସାହୁ, ଦୀନ ସାହୁ, ଦଂଶୀଧର ସାହୁ, ମୋହନ ସାହୁ, ହାଡା ସାହୁ ପି: ଗୋପାଳ ସାହୁ, ଲକ୍ଷ୍ମ ସାହୁ, ଘୋଷା ସାହୁ, ଦେବା ସାହୁ, ବଳା ସାହୁ, ଘୁଷା ସାହୁ ପି: କାଠି ସାହୁ, ବାଇକାରୀ ସାହୁ, ଗୁରୁଆ ସାହୁ ପି: ମଞ୍ଜୁଳ ସାହୁ, ଦେବିକ ସାହୁ, କିଶନ ସାହୁ, ପ୍ରକଳ ସାହୁ ପି: କାଳିନ୍ଦୀସାହୁ, ସର୍ବେଶ୍ୱର ସାହୁ ପି: ମହାଦେବ ସାହୁ, ଉଜି ସାହୁ ସ୍ୱ: ମହାଦେବ ସାହୁ, ଗୌରୀ ସାହୁ, ଲିଲ ସାହୁ, ଦୋଷ ସାହୁ, ଦୁଇ ସାହୁ ପି: ମିଟୁ ସାହୁ ଜା: ତେଲି ବା: ନିଜଗାଁ
509	ଦୁବରାଜା	25	698 P	0.0220	0.0040	ଶାରଦ ଅନୁଭୁକ୍ତେର୍ଜିତ ଏକ	ସଦୁ ସାହୁ, ପ୍ରଭାକର ସାହୁ, ଅଧିକାରୀ ସାହୁ, ମଧୁ ସାହୁ, ଗୁରୁବାରୀ ସାହୁ, ମୋତା ସାହୁ, ଗଢ଼ା ସାହୁ ପି: ଦୋମନ ସାହୁ, ଭୁଗା ଦେହୁରୀ ପି: ରଘୁ ଦେହୁରୀ, ମଞ୍ଜୁଗାଲୁ ପି: ଦଇଗାରୀ ସାହୁ, ଶ୍ରୀମାତୀ ସାହୁ ସ୍ୱ: ଦଇଗାରୀ ସାହୁ, ପୂର୍ଣ୍ଣ ସାହୁ, କମଳାକାନ୍ତ, ଜାନକ ସାହୁ, କାଳିଆ ସାହୁ, ଲକ୍ଷ୍ମୀ ସାହୁ, ଜେମା ସାହୁ, ବଳ୍ପା ସାହୁ, ମାଳ ସାହୁ ପି: ଭୁବା ସାହୁ, ଦୀନ ସାହୁ, ଦଂଶୀଧର ସାହୁ, ମୋହନ ସାହୁ, ହାଡା ସାହୁ ପି: ଗୋପାଳ ସାହୁ, ଲକ୍ଷ୍ମ ସାହୁ, ଘୋଷା ସାହୁ, ଦେବା ସାହୁ, ବଳା ସାହୁ, ଘୁଷା ସାହୁ ପି: କାଠି ସାହୁ, ବାଇକାରୀ ସାହୁ, ଗୁରୁଆ ସାହୁ ପି: ମଞ୍ଜୁଳ ସାହୁ, ଦେବିକ ସାହୁ, କିଶନ ସାହୁ, ପ୍ରକଳ ସାହୁ ପି: କାଳିନ୍ଦୀସାହୁ, ସର୍ବେଶ୍ୱର ସାହୁ ପି: ମହାଦେବ ସାହୁ, ଉଜି ସାହୁ ସ୍ୱ: ମହାଦେବ ସାହୁ, ଗୌରୀ ସାହୁ, ଲିଲ ସାହୁ, ଦୋଷ ସାହୁ, ଦୁଇ ସାହୁ ପି: ମିଟୁ ସାହୁ ଜା: ତେଲି ବା: ନିଜଗାଁ
510	ଦୁବରାଜା	25	699	0.0280	0.0280	ଶାରଦ ଅନୁଭୁକ୍ତେର୍ଜିତ ଏକ	ସଦୁ ସାହୁ, ପ୍ରଭାକର ସାହୁ, ଅଧିକାରୀ ସାହୁ, ମଧୁ ସାହୁ, ଗୁରୁବାରୀ ସାହୁ, ମୋତା ସାହୁ, ଗଢ଼ା ସାହୁ ପି: ଦୋମନ ସାହୁ, ଭୁଗା ଦେହୁରୀ ପି: ରଘୁ ଦେହୁରୀ, ମଞ୍ଜୁଗାଲୁ ପି: ଦଇଗାରୀ ସାହୁ, ଶ୍ରୀମାତୀ ସାହୁ ସ୍ୱ: ଦଇଗାରୀ ସାହୁ, ପୂର୍ଣ୍ଣ ସାହୁ, କମଳାକାନ୍ତ, ଜାନକ ସାହୁ, କାଳିଆ ସାହୁ, ଲକ୍ଷ୍ମୀ ସାହୁ, ଜେମା ସାହୁ, ବଳ୍ପା ସାହୁ, ମାଳ ସାହୁ ପି: ଭୁବା ସାହୁ, ଦୀନ ସାହୁ, ଦଂଶୀଧର ସାହୁ, ମୋହନ ସାହୁ, ହାଡା ସାହୁ ପି: ଗୋପାଳ ସାହୁ, ଲକ୍ଷ୍ମ ସାହୁ, ଘୋଷା ସାହୁ, ଦେବା ସାହୁ, ବଳା ସାହୁ, ଘୁଷା ସାହୁ ପି: କାଠି ସାହୁ, ବାଇକାରୀ ସାହୁ, ଗୁରୁଆ ସାହୁ ପି: ମଞ୍ଜୁଳ ସାହୁ, ଦେବିକ ସାହୁ, କିଶନ ସାହୁ, ପ୍ରକଳ ସାହୁ ପି: କାଳିନ୍ଦୀସାହୁ, ସର୍ବେଶ୍ୱର ସାହୁ ପି: ମହାଦେବ ସାହୁ, ଉଜି ସାହୁ ସ୍ୱ: ମହାଦେବ ସାହୁ, ଗୌରୀ ସାହୁ, ଲିଲ ସାହୁ, ଦୋଷ ସାହୁ, ଦୁଇ ସାହୁ ପି: ମିଟୁ ସାହୁ ଜା: ତେଲି ବା: ନିଜଗାଁ
511	ଦୁବରାଜା	25	700 P	0.0260	0.0202	ଶାରଦ ଅନୁଭୁକ୍ତେର୍ଜିତ ଏକ	ସଦୁ ସାହୁ, ପ୍ରଭାକର ସାହୁ, ଅଧିକାରୀ ସାହୁ, ମଧୁ ସାହୁ, ଗୁରୁବାରୀ ସାହୁ, ମୋତା ସାହୁ, ଗଢ଼ା ସାହୁ ପି: ଦୋମନ ସାହୁ, ଭୁଗା ଦେହୁରୀ ପି: ରଘୁ ଦେହୁରୀ, ମଞ୍ଜୁଗାଲୁ ପି: ଦଇଗାରୀ ସାହୁ, ଶ୍ରୀମାତୀ ସାହୁ ସ୍ୱ: ଦଇଗାରୀ ସାହୁ, ପୂର୍ଣ୍ଣ ସାହୁ, କମଳାକାନ୍ତ, ଜାନକ ସାହୁ, କାଳିଆ ସାହୁ, ଲକ୍ଷ୍ମୀ ସାହୁ, ଜେମା ସାହୁ, ବଳ୍ପା ସାହୁ, ମାଳ ସାହୁ ପି: ଭୁବା ସାହୁ, ଦୀନ ସାହୁ, ଦଂଶୀଧର ସାହୁ, ମୋହନ ସାହୁ, ହାଡା ସାହୁ ପି: ଗୋପାଳ ସାହୁ, ଲକ୍ଷ୍ମ ସାହୁ, ଘୋଷା ସାହୁ, ଦେବା ସାହୁ, ବଳା ସାହୁ, ଘୁଷା ସାହୁ ପି: କାଠି ସାହୁ, ବାଇକାରୀ ସାହୁ, ଗୁରୁଆ ସାହୁ ପି: ମଞ୍ଜୁଳ ସାହୁ, ଦେବିକ ସାହୁ, କିଶନ ସାହୁ, ପ୍ରକଳ ସାହୁ ପି: କାଳିନ୍ଦୀସାହୁ, ସର୍ବେଶ୍ୱର ସାହୁ ପି: ମହାଦେବ ସାହୁ, ଉଜି ସାହୁ ସ୍ୱ: ମହାଦେବ ସାହୁ, ଗୌରୀ ସାହୁ, ଲିଲ ସାହୁ, ଦୋଷ ସାହୁ, ଦୁଇ ସାହୁ ପି: ମିଟୁ ସାହୁ ଜା: ତେଲି ବା: ନିଜଗାଁ
512	ଦୁବରାଜା	25	701 P	0.0260	0.0040	ଶାରଦ ଅନୁଭୁକ୍ତେର୍ଜିତ ଏକ	ସଦୁ ସାହୁ, ପ୍ରଭାକର ସାହୁ, ଅଧିକାରୀ ସାହୁ, ମଧୁ ସାହୁ, ଗୁରୁବାରୀ ସାହୁ, ମୋତା ସାହୁ, ଗଢ଼ା ସାହୁ ପି: ଦୋମନ ସାହୁ, ଭୁଗା ଦେହୁରୀ ପି: ରଘୁ ଦେହୁରୀ, ମଞ୍ଜୁଗାଲୁ ପି: ଦଇଗାରୀ ସାହୁ, ଶ୍ରୀମାତୀ ସାହୁ ସ୍ୱ: ଦଇଗାରୀ ସାହୁ, ପୂର୍ଣ୍ଣ ସାହୁ, କମଳାକାନ୍ତ, ଜାନକ ସାହୁ, କାଳିଆ ସାହୁ, ଲକ୍ଷ୍ମୀ ସାହୁ, ଜେମା ସାହୁ, ବଳ୍ପା ସାହୁ, ମାଳ ସାହୁ ପି: ଭୁବା ସାହୁ, ଦୀନ ସାହୁ, ଦଂଶୀଧର ସାହୁ, ମୋହନ ସାହୁ, ହାଡା ସାହୁ ପି: ଗୋପାଳ ସାହୁ, ଲକ୍ଷ୍ମ ସାହୁ, ଘୋଷା ସାହୁ, ଦେବା ସାହୁ, ବଳା ସାହୁ, ଘୁଷା ସାହୁ ପି: କାଠି ସାହୁ, ବାଇକାରୀ ସାହୁ, ଗୁରୁଆ ସାହୁ ପି: ମଞ୍ଜୁଳ ସାହୁ, ଦେବିକ ସାହୁ, କିଶନ ସାହୁ, ପ୍ରକଳ ସାହୁ ପି: କାଳିନ୍ଦୀସାହୁ, ସର୍ବେଶ୍ୱର ସାହୁ ପି: ମହାଦେବ ସାହୁ, ଉଜି ସାହୁ ସ୍ୱ: ମହାଦେବ ସାହୁ, ଗୌରୀ ସାହୁ, ଲିଲ ସାହୁ, ଦୋଷ ସାହୁ, ଦୁଇ ସାହୁ ପି: ମିଟୁ ସାହୁ ଜା: ତେଲି ବା: ନିଜଗାଁ
513	ଦୁବରାଜା	35	728 P	0.1970	0.0567	ଶାରଦ ଅନୁଭୁକ୍ତେର୍ଜିତ ଏକ	ଶ୍ରୀ ଗୋପୀନାଥ ବିଜେ ଜୀଉ ମାର୍ଫତ ପ୍ରଧାନ ମିଶ୍ର ପ୍ରଧାନ ଓ ସୁଦର୍ଶନ ପ୍ରଧାନ, ସତ୍ୟପ୍ରଧାନ ପି: ମାଧବ ପ୍ରଧାନ ଜା: ତେଲି ବା: ନିଜଗାଁ
514	ଦୁବରାଜା	55	740	0.0520	0.0040	ଶାରଦ ଅନୁଭୁକ୍ତେର୍ଜିତ ଏକ	ବିଜୟ ପ୍ରଧାନ, ଉଦୟ ପ୍ରଧାନ, ଆର୍ତ୍ତବନ୍ଧୁ ପ୍ରଧାନ, କେଶବ ପ୍ରଧାନ, ମାଦଳୀ ପ୍ରଧାନ ପି: ଗୌରୀଶଙ୍କର ପ୍ରଧାନ ଜା: ତେଲି ବା: ନିଜଗାଁ
515	ଦୁବରାଜା	55	741 P	0.0520	0.0520	ଶାରଦ ଅନୁଭୁକ୍ତେର୍ଜିତ ଏକ	ବିଜୟ ପ୍ରଧାନ, ଉଦୟ ପ୍ରଧାନ, ଆର୍ତ୍ତବନ୍ଧୁ ପ୍ରଧାନ, କେଶବ ପ୍ରଧାନ, ମାଦଳୀ ପ୍ରଧାନ ପି: ଗୌରୀଶଙ୍କର ପ୍ରଧାନ ଜା: ତେଲି ବା: ନିଜଗାଁ
516	ଦୁବରାଜା	1	742	0.0580	0.0580	ଶାରଦ ଅନୁଭୁକ୍ତେର୍ଜିତ ଏକ	ଅନନ୍ତ ବିଷ୍ଣୁଆ, ପୂର୍ଣ୍ଣ ବିଷ୍ଣୁଆ, ଉଦୟ ବିଷ୍ଣୁଆ, କେଦ ବିଷ୍ଣୁଆ, ବୁଦ୍ଧୁରୀ ବିଷ୍ଣୁଆ, ଲୋକନାଥ ବିଷ୍ଣୁଆ ପି: ରାଉଡୁ ବିଷ୍ଣୁଆ, କମାନ ବିଷ୍ଣୁଆ, ଧୁଲିକୀ ବିଷ୍ଣୁଆ, ହରଭଲ ବିଷ୍ଣୁଆ, ବିରେଶୁ ବିଷ୍ଣୁଆ, ସାନ୍ତୁ ବିଷ୍ଣୁଆ, ରାମନ ବିଷ୍ଣୁଆ ପି: ଜେଖର ବିଷ୍ଣୁଆ, ରାମଭୁଲ ବିଷ୍ଣୁଆ, ଗିରିଦୁ ବିଷ୍ଣୁଆ ପି: କୁଞ୍ଜ ବିଷ୍ଣୁଆ, ରାଜି ବିଷ୍ଣୁଆ, ଗୋପି ବିଷ୍ଣୁଆ ପି: ଛାଟି ବିଷ୍ଣୁଆ, ଭୁବନେଶ ବିଷ୍ଣୁଆ, ଲକ୍ଷ୍ମୀ ବିଷ୍ଣୁଆ, ଧରନ ବିଷ୍ଣୁଆ ପି: ଘାସେଲ ବିଷ୍ଣୁଆ, ଜଗନ୍ନାଥ ବିଷ୍ଣୁଆ, ଭୁବନେଶ୍ୱର ବିଷ୍ଣୁଆ, ଭେଟେ ବିଷ୍ଣୁଆ, ଅଭିମନ୍ୟୁ ବିଷ୍ଣୁଆ ପି: ଭାରତୀ ବିଷ୍ଣୁଆ ଜା: ତେଲି ବା: ନିଜଗାଁ
517	ଦୁବରାଜା	1	743 P	0.0450	0.0225	ଶାରଦ ଅନୁଭୁକ୍ତେର୍ଜିତ ଏକ	ଅନନ୍ତ ବିଷ୍ଣୁଆ, ପୂର୍ଣ୍ଣ ବିଷ୍ଣୁଆ, ଉଦୟ ବିଷ୍ଣୁଆ, କେଦ ବିଷ୍ଣୁଆ, ବୁଦ୍ଧୁରୀ ବିଷ୍ଣୁଆ, ଲୋକନାଥ ବିଷ୍ଣୁଆ ପି: ରାଉଡୁ ବିଷ୍ଣୁଆ, କମାନ ବିଷ୍ଣୁଆ, ଧୁଲିକୀ ବିଷ୍ଣୁଆ, ହରଭଲ ବିଷ୍ଣୁଆ, ବିରେଶୁ ବିଷ୍ଣୁଆ, ସାନ୍ତୁ ବିଷ୍ଣୁଆ, ରାମନ ବିଷ୍ଣୁଆ ପି: ଜେଖର ବିଷ୍ଣୁଆ, ରାମଭୁଲ ବିଷ୍ଣୁଆ, ଗିରିଦୁ ବିଷ୍ଣୁଆ ପି: କୁଞ୍ଜ ବିଷ୍ଣୁଆ, ରାଜି ବିଷ୍ଣୁଆ, ଗୋପି ବିଷ୍ଣୁଆ ପି: ଛାଟି ବିଷ୍ଣୁଆ, ଭୁବନେଶ ବିଷ୍ଣୁଆ, ଲକ୍ଷ୍ମୀ ବିଷ୍ଣୁଆ, ଧରନ ବିଷ୍ଣୁଆ ପି: ଘାସେଲ ବିଷ୍ଣୁଆ, ଜଗନ୍ନାଥ ବିଷ୍ଣୁଆ, ଭୁବନେଶ୍ୱର ବିଷ୍ଣୁଆ, ଭେଟେ ବିଷ୍ଣୁଆ, ଅଭିମନ୍ୟୁ ବିଷ୍ଣୁଆ ପି: ଭାରତୀ ବିଷ୍ଣୁଆ ଜା: ତେଲି ବା: ନିଜଗାଁ
518	ଦୁବରାଜା	57	746 P	0.0920	0.0364	ଶାରଦ ଅନୁଭୁକ୍ତେର୍ଜିତ ଦୁଇ	ଦୁଷୀଆ ବିଷ୍ଣୁଆ, ଭୁଲୁଆ ବିଷ୍ଣୁଆ ପି: ପବିତ୍ର ବିଷ୍ଣୁଆ, କେଦେମ୍ବିଷ୍ଣୁଆ, କବିତ ବିଷ୍ଣୁଆ ପି: ଅଛି ବିଷ୍ଣୁଆ, ଘୋରକୀ ବିଷ୍ଣୁଆ ସ୍ୱ: ଅଛି ବିଷ୍ଣୁଆ, ନାରାୟଣବିଷ୍ଣୁଆ, ମାତାଙ୍ଗୀ ବିଷ୍ଣୁଆ ପି: ଗୋପି ବିଷ୍ଣୁଆ ଜା: ତେଲି ବା: ନିଜଗାଁ
519	ଦୁବରାଜା	30	747 P	0.0285	0.0040	ଶାରଦ ଅନୁଭୁକ୍ତେର୍ଜିତ ଦୁଇ	ଗୁରୁବ ବିଷ୍ଣୁଆ ଜା: ତେଲି ବା: ନିଜଗାଁ
520	ଦୁବରାଜା	57	748	0.0850	0.0850	ଶାରଦ ଅନୁଭୁକ୍ତେର୍ଜିତ ଦୁଇ	ଦୁଷୀଆ ବିଷ୍ଣୁଆ, ଭୁଲୁଆ ବିଷ୍ଣୁଆ ପି: ପବିତ୍ର ବିଷ୍ଣୁଆ, କେଦେମ୍ବିଷ୍ଣୁଆ, କବିତ ବିଷ୍ଣୁଆ ପି: ଅଛି ବିଷ୍ଣୁଆ, ଘୋରକୀ ବିଷ୍ଣୁଆ ସ୍ୱ: ଅଛି ବିଷ୍ଣୁଆ, ନାରାୟଣବିଷ୍ଣୁଆ, ମାତାଙ୍ଗୀ ବିଷ୍ଣୁଆ ପି: ଗୋପି ବିଷ୍ଣୁଆ ଜା: ତେଲି ବା: ନିଜଗାଁ
521	ଦୁବରାଜା	30	749	0.0160	0.0160	ଶାରଦ ଅନୁଭୁକ୍ତେର୍ଜିତ ଦୁଇ	ଗୁରୁବ ବିଷ୍ଣୁଆ ଜା: ତେଲି ବା: ନିଜଗାଁ
522	ଦୁବରାଜା	1	750 P	0.0450	0.0202	ଶାରଦ ଅନୁଭୁକ୍ତେର୍ଜିତ ଦୁଇ	ଅନନ୍ତ ବିଷ୍ଣୁଆ, ପୂର୍ଣ୍ଣ ବିଷ୍ଣୁଆ, ଉଦୟ ବିଷ୍ଣୁଆ, କେଦ ବିଷ୍ଣୁଆ, ବୁଦ୍ଧୁରୀ ବିଷ୍ଣୁଆ, ଲୋକନାଥ ବିଷ୍ଣୁଆ ପି: ରାଉଡୁ ବିଷ୍ଣୁଆ, କମାନ ବିଷ୍ଣୁଆ, ଧୁଲିକୀ ବିଷ୍ଣୁଆ, ହରଭଲ ବିଷ୍ଣୁଆ, ବିରେଶୁ ବିଷ୍ଣୁଆ, ସାନ୍ତୁ ବିଷ୍ଣୁଆ, ରାମନ ବିଷ୍ଣୁଆ ପି: ଜେଖର ବିଷ୍ଣୁଆ, ରାମଭୁଲ ବିଷ୍ଣୁଆ, ଗିରିଦୁ ବିଷ୍ଣୁଆ ପି: କୁଞ୍ଜ ବିଷ୍ଣୁଆ, ରାଜି ବିଷ୍ଣୁଆ, ଗୋପି ବିଷ୍ଣୁଆ ପି: ଛାଟି ବିଷ୍ଣୁଆ, ଭୁବନେଶ ବିଷ୍ଣୁଆ, ଲକ୍ଷ୍ମୀ ବିଷ୍ଣୁଆ, ଧରନ ବିଷ୍ଣୁଆ ପି: ଘାସେଲ ବିଷ୍ଣୁଆ, ଜଗନ୍ନାଥ ବିଷ୍ଣୁଆ, ଭୁବନେଶ୍ୱର ବିଷ୍ଣୁଆ, ଭେଟେ ବିଷ୍ଣୁଆ, ଅଭିମନ୍ୟୁ ବିଷ୍ଣୁଆ ପି: ଭାରତୀ ବିଷ୍ଣୁଆ ଜା: ତେଲି ବା: ନିଜଗାଁ
523	ଦୁବରାଜା	57	752 P	0.0620	0.0121	ଶାରଦ ଅନୁଭୁକ୍ତେର୍ଜିତ ଦୁଇ	ଦୁଷୀଆ ବିଷ୍ଣୁଆ, ଭୁଲୁଆ ବିଷ୍ଣୁଆ ପି: ପବିତ୍ର ବିଷ୍ଣୁଆ, କେଦେମ୍ବିଷ୍ଣୁଆ, କବିତ ବିଷ୍ଣୁଆ ପି: ଅଛି ବିଷ୍ଣୁଆ, ଘୋରକୀ ବିଷ୍ଣୁଆ ସ୍ୱ: ଅଛି ବିଷ୍ଣୁଆ, ନାରାୟଣବିଷ୍ଣୁଆ, ମାତାଙ୍ଗୀ ବିଷ୍ଣୁଆ ପି: ଗୋପି ବିଷ୍ଣୁଆ ଜା: ତେଲି ବା: ନିଜଗାଁ
524	ଦୁବରାଜା	1	753 P	0.0280	0.0081	ଶାରଦ ଅନୁଭୁକ୍ତେର୍ଜିତ ଦୁଇ	ଅନନ୍ତ ବିଷ୍ଣୁଆ, ପୂର୍ଣ୍ଣ ବିଷ୍ଣୁଆ, ଉଦୟ ବିଷ୍ଣୁଆ, କେଦ ବିଷ୍ଣୁଆ, ବୁଦ୍ଧୁରୀ ବିଷ୍ଣୁଆ, ଲୋକନାଥ ବିଷ୍ଣୁଆ ପି: ରାଉଡୁ ବିଷ୍ଣୁଆ, କମାନ ବିଷ୍ଣୁଆ, ଧୁଲିକୀ ବିଷ୍ଣୁଆ, ହରଭଲ ବିଷ୍ଣୁଆ, ବିରେଶୁ ବିଷ୍ଣୁଆ, ସାନ୍ତୁ ବିଷ୍ଣୁଆ, ରାମନ ବିଷ୍ଣୁଆ ପି: ଜେଖର ବିଷ୍ଣୁଆ, ରାମଭୁଲ ବିଷ୍ଣୁଆ, ଗିରିଦୁ ବିଷ୍ଣୁଆ ପି: କୁଞ୍ଜ ବିଷ୍ଣୁଆ, ରାଜି ବିଷ୍ଣୁଆ, ଗୋପି ବିଷ୍ଣୁଆ ପି: ଛାଟି ବିଷ୍ଣୁଆ, ଭୁବନେଶ ବିଷ୍ଣୁଆ, ଲକ୍ଷ୍ମୀ ବିଷ୍ଣୁଆ, ଧରନ ବିଷ୍ଣୁଆ ପି: ଘାସେଲ ବିଷ୍ଣୁଆ, ଜଗନ୍ନାଥ ବିଷ୍ଣୁଆ, ଭୁବନେଶ୍ୱର ବିଷ୍ଣୁଆ, ଭେଟେ ବିଷ୍ଣୁଆ, ଅଭିମନ୍ୟୁ ବିଷ୍ଣୁଆ ପି: ଭାରତୀ ବିଷ୍ଣୁଆ ଜା: ତେଲି ବା: ନିଜଗାଁ
525	ଦୁବରାଜା	1	754	0.0160	0.0160	ଶାରଦ ଅନୁଭୁକ୍ତେର୍ଜିତ ଦୁଇ	ଅନନ୍ତ ବିଷ୍ଣୁଆ, ପୂର୍ଣ୍ଣ ବିଷ୍ଣୁଆ, ଉଦୟ ବିଷ୍ଣୁଆ, କେଦ ବିଷ୍ଣୁଆ, ବୁଦ୍ଧୁରୀ ବିଷ୍ଣୁଆ, ଲୋକନାଥ ବିଷ୍ଣୁଆ ପି: ରାଉଡୁ ବିଷ୍ଣୁଆ, କମାନ ବିଷ୍ଣୁଆ, ଧୁଲିକୀ ବିଷ୍ଣୁଆ, ହରଭଲ ବିଷ୍ଣୁଆ, ବିରେଶୁ ବିଷ୍ଣୁଆ, ସାନ୍ତୁ ବିଷ୍ଣୁଆ, ରାମନ ବିଷ୍ଣୁଆ ପି: ଜେଖର ବିଷ୍ଣୁଆ, ରାମଭୁଲ ବିଷ୍ଣୁଆ, ଗିରିଦୁ ବିଷ୍ଣୁଆ ପି: କୁଞ୍ଜ ବିଷ୍ଣୁଆ, ରାଜି ବିଷ୍ଣୁଆ, ଗୋପି ବିଷ୍ଣୁଆ ପି: ଛାଟି ବିଷ୍ଣୁଆ, ଭୁବନେଶ ବିଷ୍ଣୁଆ, ଲକ୍ଷ୍ମୀ ବିଷ୍ଣୁଆ, ଧରନ ବିଷ୍ଣୁଆ ପି: ଘାସେଲ ବିଷ୍ଣୁଆ, ଜଗନ୍ନାଥ ବିଷ୍ଣୁଆ, ଭୁବନେଶ୍ୱର ବିଷ୍ଣୁଆ, ଭେଟେ ବିଷ୍ଣୁଆ, ଅଭିମନ୍ୟୁ ବିଷ୍ଣୁଆ ପି: ଭାରତୀ ବିଷ୍ଣୁଆ ଜା: ତେଲି ବା: ନିଜଗାଁ
526	ଦୁବରାଜା	1	755	0.0180	0.0180	ଶାରଦ ଅନୁଭୁକ୍ତେର୍ଜିତ ଦୁଇ	ଅନନ୍ତ ବିଷ୍ଣୁଆ, ପୂର୍ଣ୍ଣ ବିଷ୍ଣୁଆ, ଉଦୟ ବିଷ୍ଣୁଆ, କେଦ ବିଷ୍ଣୁଆ, ବୁଦ୍ଧୁରୀ ବିଷ୍ଣୁଆ, ଲୋକନାଥ ବିଷ୍ଣୁଆ ପି: ରାଉଡୁ ବିଷ୍ଣୁଆ, କମାନ ବିଷ୍ଣୁଆ, ଧୁଲିକୀ ବିଷ୍ଣୁଆ, ହରଭଲ ବିଷ୍ଣୁଆ, ବିରେଶୁ ବିଷ୍ଣୁଆ, ସାନ୍ତୁ ବିଷ୍ଣୁଆ, ରାମନ ବିଷ୍ଣୁଆ ପି: ଜେଖର ବିଷ୍ଣୁଆ, ରାମଭୁଲ ବିଷ୍ଣୁଆ, ଗିରିଦୁ ବିଷ୍ଣୁଆ ପି: କୁଞ୍ଜ ବିଷ୍ଣୁଆ, ରାଜି ବିଷ୍ଣୁଆ, ଗୋପି ବିଷ୍ଣୁଆ ପି: ଛାଟି ବିଷ୍ଣୁଆ, ଭୁବନେଶ ବିଷ୍ଣୁଆ, ଲକ୍ଷ୍ମୀ ବିଷ୍ଣୁଆ, ଧରନ ବିଷ୍ଣୁଆ ପି: ଘାସେଲ ବିଷ୍ଣୁଆ, ଜଗନ୍ନାଥ ବିଷ୍ଣୁଆ, ଭୁବନେଶ୍ୱର ବିଷ୍ଣୁଆ, ଭେଟେ ବିଷ୍ଣୁଆ, ଅଭିମନ୍ୟୁ ବିଷ୍ଣୁଆ ପି: ଭାରତୀ ବିଷ୍ଣୁଆ ଜା: ତେଲି ବା: ନିଜଗାଁ
527	ଦୁବରାଜା	50	756	0.0300	0.0300	ଶାରଦ ଅନୁଭୁକ୍ତେର୍ଜିତ ଦୁଇ	ଗୁରୁବ ବିଷ୍ଣୁଆ, ଭୁଲିଆ ବିଷ୍ଣୁଆ ପି: ଉଦୟ ବିଷ୍ଣୁଆ, ଘୋରକୀ ବିଷ୍ଣୁଆ ସ୍ୱ: ଦେବ ବିଷ୍ଣୁଆ, ମୀନକେତୁ ବିଷ୍ଣୁଆ ପି: ରାଜେଶ ବିଷ୍ଣୁଆ, ରଘୁନାଥ ବିଷ୍ଣୁଆ, କେଶବ ବିଷ୍ଣୁଆ, ଗୁରୁଚରଣ ବିଷ୍ଣୁଆ ପି: ରାଧାନାଥ ବିଷ୍ଣୁଆ, ରାଜି ବିଷ୍ଣୁଆ, ଭୁଜଙ୍ଗ ବିଷ୍ଣୁଆ, ରାମକୃଷ୍ଣ ବିଷ୍ଣୁଆ, ରମାକାନ୍ତ ବିଷ୍ଣୁଆ, ମେହେଲ ବିଷ୍ଣୁଆ ପି: ପଦ୍ମନାଭ ବିଷ୍ଣୁଆ ଜା: ତେଲି ବା: ନିଜଗାଁ
528	ଦୁବରାଜା	50	757	0.0360	0.0360	ଶାରଦ ଅନୁଭୁକ୍ତେର୍ଜିତ ଦୁଇ	ଗୁରୁବ ବିଷ୍ଣୁଆ, ଭୁଲିଆ ବିଷ୍ଣୁଆ ପି: ଉଦୟ ବିଷ୍ଣୁଆ, ଘୋରକୀ ବିଷ୍ଣୁଆ ସ୍ୱ: ଦେବ ବିଷ୍ଣୁଆ, ମୀନକେତୁ ବିଷ୍ଣୁଆ ପି: ରାଜେଶ ବିଷ୍ଣୁଆ, ରଘୁନାଥ ବିଷ୍ଣୁଆ, କେଶବ ବିଷ୍ଣୁଆ, ଗୁରୁଚରଣ ବିଷ୍ଣୁଆ ପି: ରାଧାନାଥ ବିଷ୍ଣୁଆ, ରାଜି ବିଷ୍ଣୁଆ, ଭୁଜଙ୍ଗ ବିଷ୍ଣୁଆ, ରାମକୃଷ୍ଣ ବିଷ୍ଣୁଆ, ରମାକାନ୍ତ ବିଷ୍ଣୁଆ, ମେହେଲ ବିଷ୍ଣୁଆ ପି: ପଦ୍ମନାଭ ବିଷ୍ଣୁଆ ଜା: ତେଲି ବା: ନିଜଗାଁ
529	ଦୁବରାଜା	57	758	0.0100	0.0100	ଶାରଦ ଅନୁଭୁକ୍ତେର୍ଜିତ ଦୁଇ	ଦୁଷୀଆ ବିଷ୍ଣୁଆ, ଭୁଲୁଆ ବିଷ୍ଣୁଆ ପି: ପବିତ୍ର ବିଷ୍ଣୁଆ, କେଦେମ୍ବିଷ୍ଣୁଆ, କବିତ ବିଷ୍ଣୁଆ ପି: ଅଛି ବିଷ୍ଣୁଆ, ଘୋରକୀ ବିଷ୍ଣୁଆ ସ୍ୱ: ଅଛି ବିଷ୍ଣୁଆ, ନାରାୟଣବିଷ୍ଣୁଆ, ମାତାଙ୍ଗୀ ବିଷ୍ଣୁଆ ପି: ଗୋପି ବିଷ୍ଣୁଆ ଜା: ତେଲି ବା: ନିଜଗାଁ
530	ଦୁବରାଜା	57	759	0.0180	0.0180	ଶାରଦ ଅନୁଭୁକ୍ତେର୍ଜିତ ଦୁଇ	ଦୁଷୀଆ ବିଷ୍ଣୁଆ, ଭୁଲୁଆ ବିଷ୍ଣୁଆ ପି: ପବିତ୍ର ବିଷ୍ଣୁଆ, କେଦେମ୍ବିଷ୍ଣୁଆ, କବିତ ବିଷ୍ଣୁଆ ପି: ଅଛି ବିଷ୍ଣୁଆ, ଘୋରକୀ ବିଷ୍ଣୁଆ ସ୍ୱ: ଅଛି ବିଷ୍ଣୁଆ, ନାରାୟଣବିଷ୍ଣୁଆ, ମାତାଙ୍ଗୀ ବିଷ୍ଣୁଆ ପି: ଗୋପି ବିଷ୍ଣୁଆ ଜା: ତେଲି ବା: ନିଜଗାଁ
531	ଦୁବରାଜା	50	760 P	0.0550	0.0550	ଶାରଦ ଅନୁଭୁକ୍ତେର୍ଜିତ ଦୁଇ	ଗୁରୁବ ବିଷ୍ଣୁଆ, ଭୁଲିଆ ବିଷ୍ଣୁଆ ପି: ଉଦୟ ବିଷ୍ଣୁଆ, ଘୋରକୀ ବିଷ୍ଣୁଆ ସ୍ୱ: ଦେବ ବିଷ୍ଣୁଆ, ମୀନକେତୁ ବିଷ୍ଣୁଆ ପି: ରାଜେଶ ବିଷ୍ଣୁଆ, ରଘୁନାଥ ବିଷ୍ଣୁଆ, କେଶବ ବିଷ୍ଣୁଆ, ଗୁରୁଚରଣ ବିଷ୍ଣୁଆ ପି: ରାଧାନାଥ ବିଷ୍ଣୁଆ, ରାଜି ବିଷ୍ଣୁଆ, ଭୁଜଙ୍ଗ ବିଷ୍ଣୁଆ, ରାମକୃଷ୍ଣ ବିଷ୍ଣୁଆ, ରମାକାନ୍ତ ବିଷ୍ଣୁଆ, ମେହେଲ ବିଷ୍ଣୁଆ ପି: ପଦ୍ମନାଭ ବିଷ୍ଣୁଆ ଜା: ତେଲି ବା: ନିଜଗାଁ
532	ଦୁବରାଜା	57	761	0.0180	0.0180	ଶାରଦ ଅନୁଭୁକ୍ତେର୍ଜିତ ଦୁଇ	ଦୁଷୀଆ ବିଷ୍ଣୁଆ, ଭୁଲୁଆ ବିଷ୍ଣୁଆ ପି: ପବିତ୍ର ବିଷ୍ଣୁଆ, କେଦେମ୍ବିଷ୍ଣୁଆ, କବିତ ବିଷ୍ଣୁଆ ପି: ଅଛି ବିଷ୍ଣୁଆ, ଘୋରକୀ ବିଷ୍ଣୁଆ ସ୍ୱ: ଅଛି ବିଷ୍ଣୁଆ, ନାରାୟଣବିଷ୍ଣୁଆ, ମାତାଙ୍ଗୀ ବିଷ୍ଣୁଆ ପି: ଗୋପି ବିଷ୍ଣୁଆ ଜା: ତେଲି ବା: ନିଜଗାଁ
533	ଦୁବରାଜା	1	762	0.0220	0.0220	ଶାରଦ ଅନୁଭୁକ୍ତେର୍ଜିତ ଦୁଇ	ଅନନ୍ତ ବିଷ୍ଣୁଆ, ପୂର୍ଣ୍ଣ ବିଷ୍ଣୁଆ, ଉଦୟ ବିଷ୍ଣୁଆ, କେଦ ବିଷ୍ଣୁଆ, ବୁଦ୍ଧୁରୀ ବିଷ୍ଣୁଆ, ଲୋକନାଥ ବିଷ୍ଣୁଆ ପି: ରାଉଡୁ ବିଷ୍ଣୁଆ, କମାନ ବିଷ୍ଣୁଆ, ଧୁଲିକୀ ବିଷ୍ଣୁଆ, ହରଭଲ ବିଷ୍ଣୁଆ, ବିରେଶୁ ବିଷ୍ଣୁଆ, ସାନ୍ତୁ ବିଷ୍ଣୁଆ, ରାମନ ବିଷ୍ଣୁଆ ପି: ଜେଖର ବିଷ୍ଣୁଆ, ରାମଭୁଲ ବିଷ୍ଣୁଆ, ଗିରିଦୁ ବିଷ୍ଣୁଆ ପି: କୁଞ୍ଜ ବିଷ୍ଣୁଆ, ରାଜି ବିଷ୍ଣୁଆ, ଗୋପି ବିଷ୍ଣୁଆ ପି: ଛାଟି ବିଷ୍ଣୁଆ, ଭୁବନେଶ ବିଷ୍ଣୁଆ, ଲକ୍ଷ୍ମୀ ବିଷ୍ଣୁଆ, ଧରନ ବିଷ୍ଣୁଆ ପି: ଘାସେଲ ବିଷ୍ଣୁଆ, ଜଗନ୍ନାଥ ବିଷ୍ଣୁଆ, ଭୁବନେଶ୍ୱର ବିଷ୍ଣୁଆ, ଭେଟେ ବିଷ୍ଣୁଆ, ଅଭିମନ୍ୟୁ ବିଷ୍ଣୁଆ ପି: ଭାରତୀ ବିଷ୍ଣୁଆ ଜା: ତେଲି ବା: ନିଜଗାଁ
